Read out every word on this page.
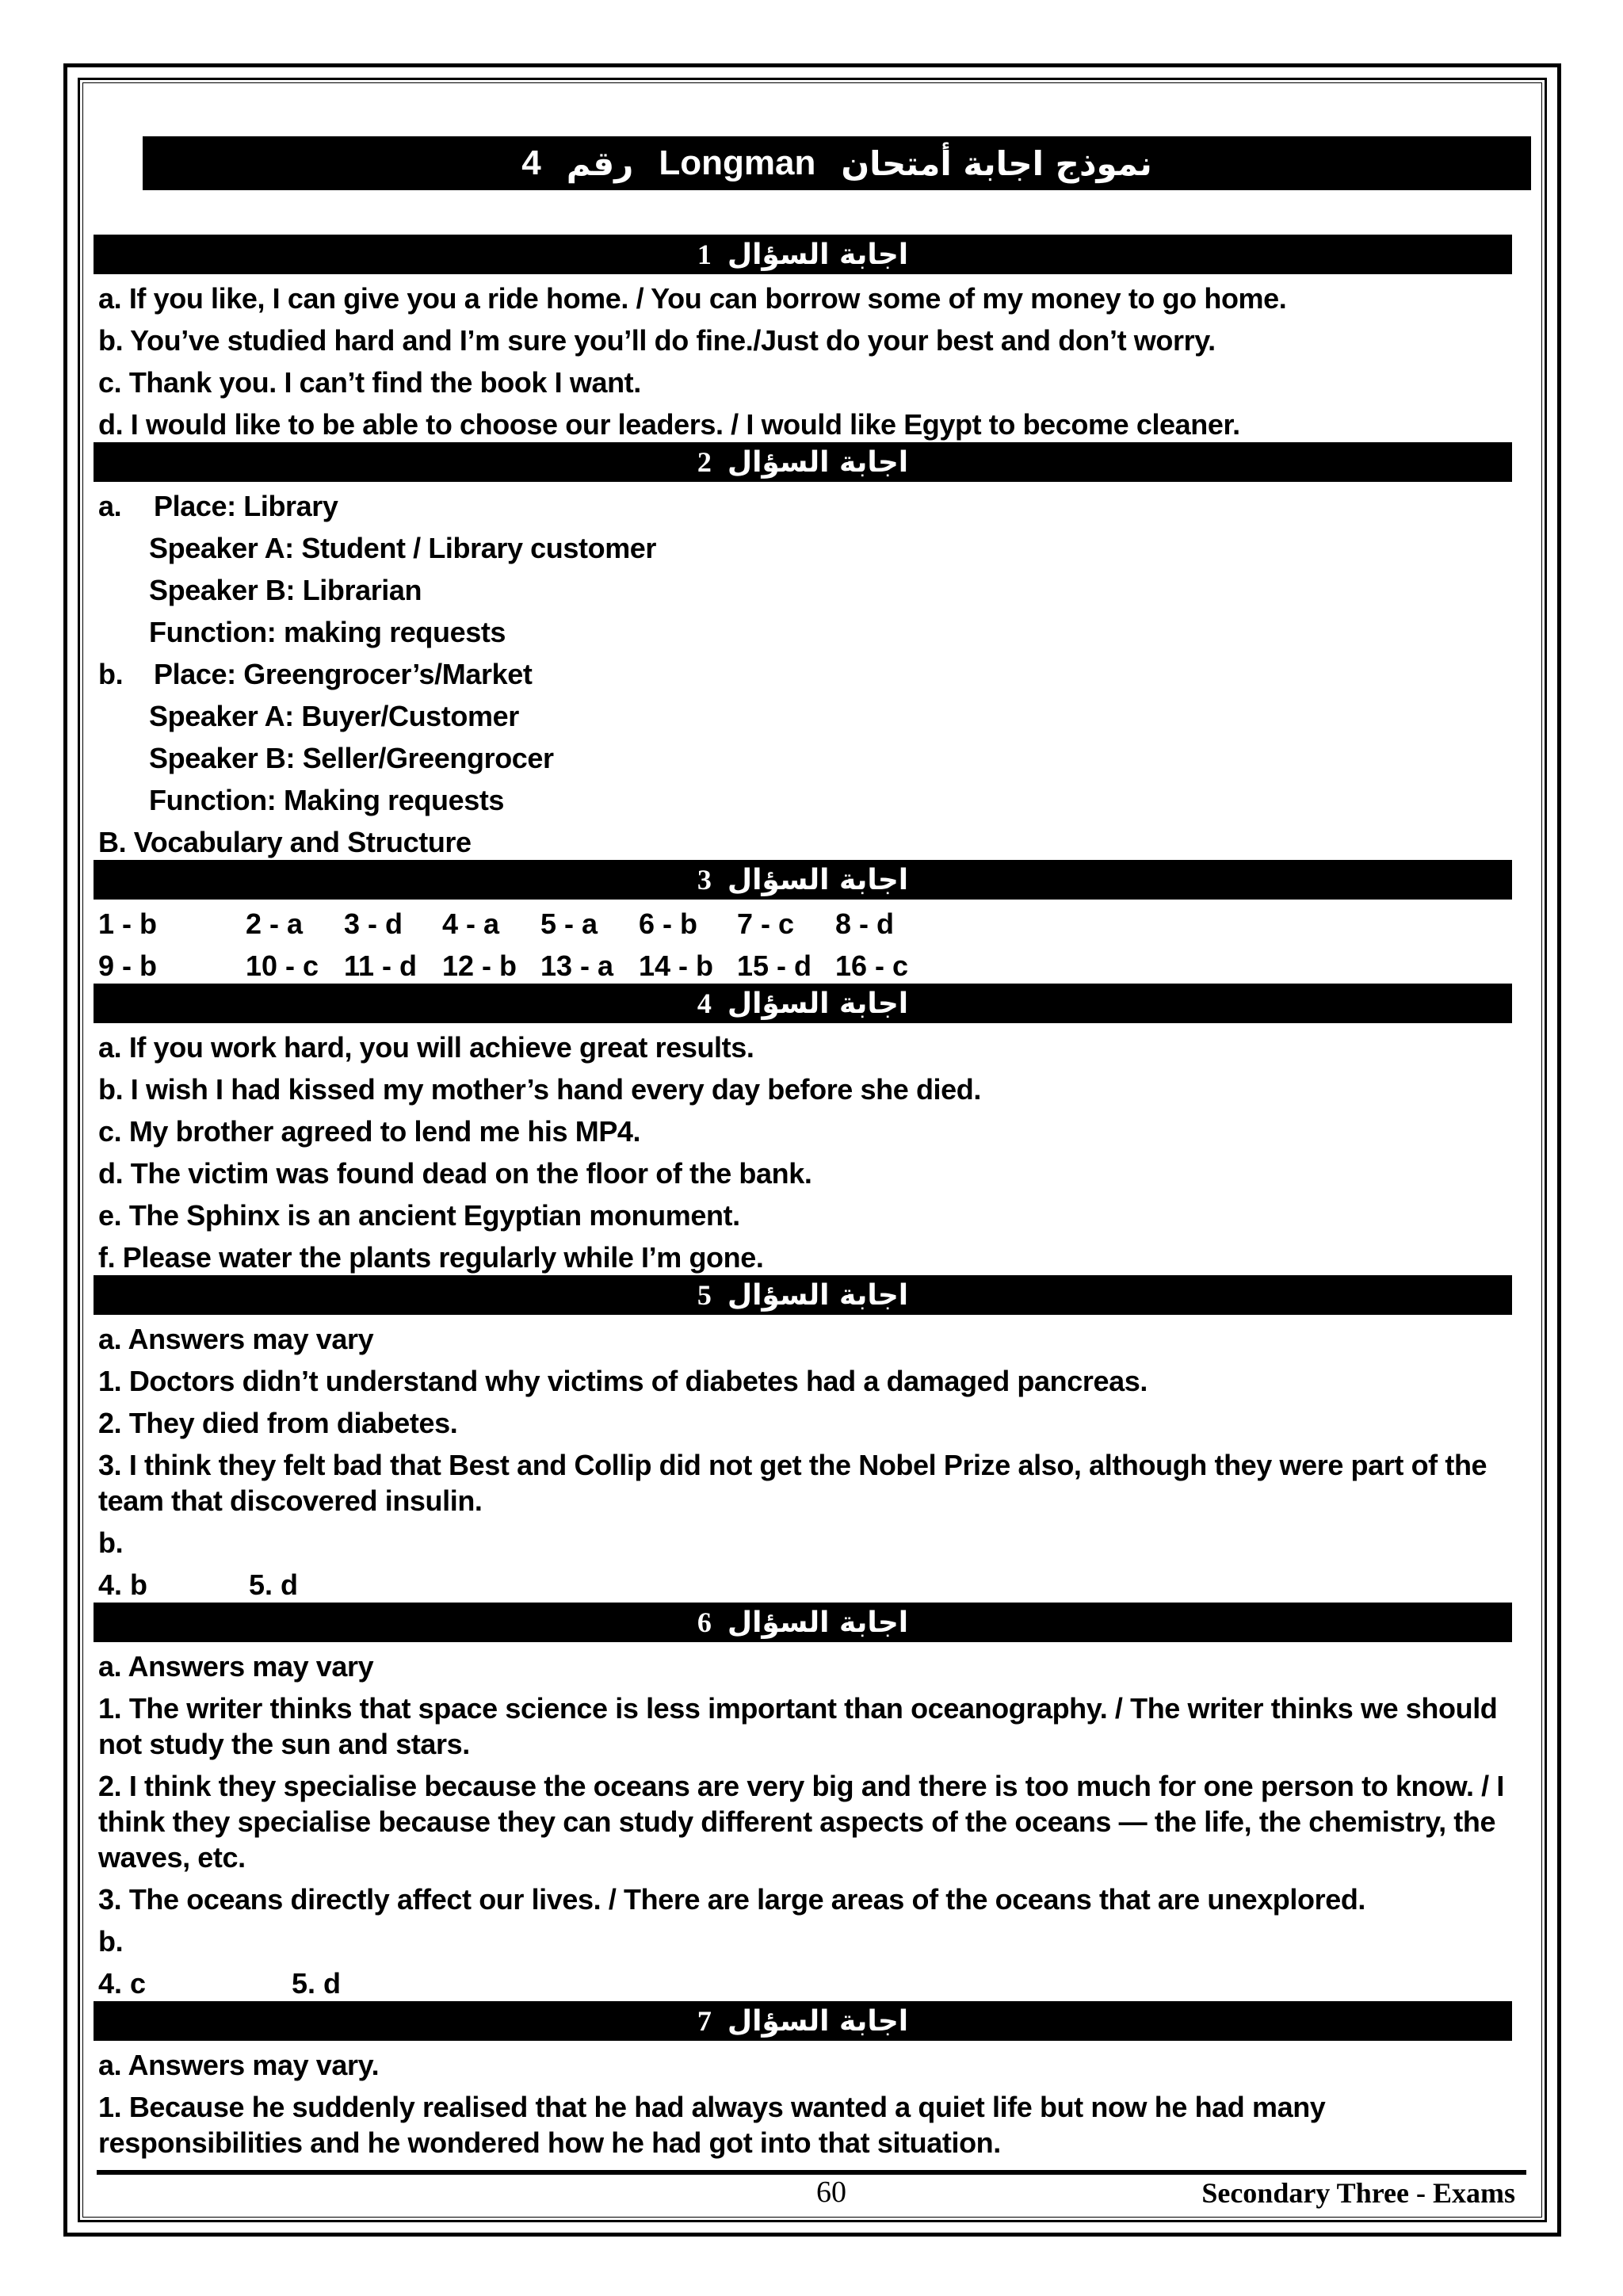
4 رقم Longman نموذج اجابة أمتحان
1 اجابة السؤال
a. If you like, I can give you a ride home. / You can borrow some of my money to go home.
b. You’ve studied hard and I’m sure you’ll do fine./Just do your best and don’t worry.
c. Thank you. I can’t find the book I want.
d. I would like to be able to choose our leaders. / I would like Egypt to become cleaner.
2 اجابة السؤال
a.	Place: Library
Speaker A: Student / Library customer
Speaker B: Librarian
Function: making requests
b.	Place: Greengrocer’s/Market
Speaker A: Buyer/Customer
Speaker B: Seller/Greengrocer
Function: Making requests
B. Vocabulary and Structure
3 اجابة السؤال
1 - b	2 - a	3 - d	4 - a	5 - a	6 - b	7 - c	8 - d
9 - b	10 - c 11 - d 12 - b 13 - a 14 - b 15 - d 16 - c
4 اجابة السؤال
a. If you work hard, you will achieve great results.
b. I wish I had kissed my mother’s hand every day before she died.
c. My brother agreed to lend me his MP4.
d. The victim was found dead on the floor of the bank.
e. The Sphinx is an ancient Egyptian monument.
f. Please water the plants regularly while I’m gone.
5 اجابة السؤال
a. Answers may vary
1. Doctors didn’t understand why victims of diabetes had a damaged pancreas.
2. They died from diabetes.
3. I think they felt bad that Best and Collip did not get the Nobel Prize also, although they were part of the team that discovered insulin.
b.
4. b	5. d
6 اجابة السؤال
a. Answers may vary
1. The writer thinks that space science is less important than oceanography. / The writer thinks we should not study the sun and stars.
2. I think they specialise because the oceans are very big and there is too much for one person to know. / I think they specialise because they can study different aspects of the oceans — the life, the chemistry, the waves, etc.
3. The oceans directly affect our lives. / There are large areas of the oceans that are unexplored.
b.
4. c	5. d
7 اجابة السؤال
a. Answers may vary.
1. Because he suddenly realised that he had always wanted a quiet life but now he had many responsibilities and he wondered how he had got into that situation.
60	Secondary Three - Exams
